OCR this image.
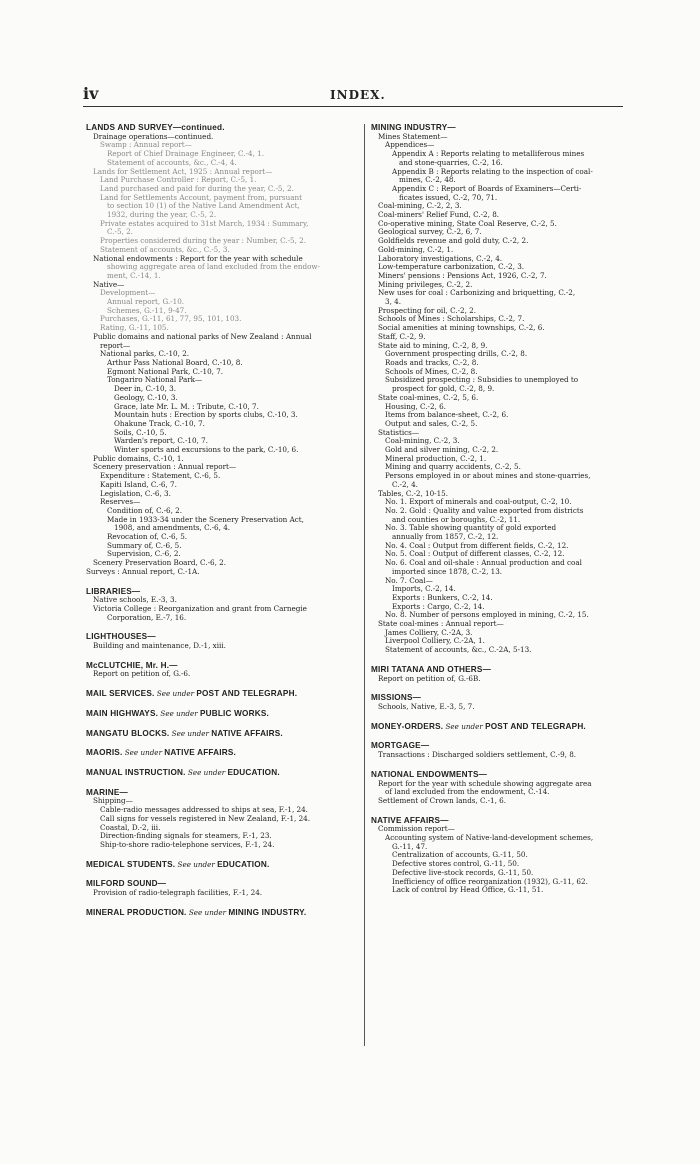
iv	INDEX.
LANDS AND SURVEY—continued.
Drainage operations—continued.
Swamp : Annual report—
Report of Chief Drainage Engineer, C.-4, 1.
Statement of accounts, &c., C.-4, 4.
Lands for Settlement Act, 1925 : Annual report—
Land Purchase Controller : Report, C.-5, 1.
Land purchased and paid for during the year, C.-5, 2.
Land for Settlements Account, payment from, pursuant
to section 10 (1) of the Native Land Amendment Act,
1932, during the year, C.-5, 2.
Private estates acquired to 31st March, 1934 : Summary,
C.-5, 2.
Properties considered during the year : Number, C.-5, 2.
Statement of accounts, &c., C.-5, 3.
National endowments : Report for the year with schedule
showing aggregate area of land excluded from the endow-
ment, C.-14, 1.
Native—
Development—
Annual report, G.-10.
Schemes, G.-11, 9-47.
Purchases, G.-11, 61, 77, 95, 101, 103.
Rating, G.-11, 105.
Public domains and national parks of New Zealand : Annual
report—
National parks, C.-10, 2.
Arthur Pass National Board, C.-10, 8.
Egmont National Park, C.-10, 7.
Tongariro National Park—
Deer in, C.-10, 3.
Geology, C.-10, 3.
Grace, late Mr. L. M. : Tribute, C.-10, 7.
Mountain huts : Erection by sports clubs, C.-10, 3.
Ohakune Track, C.-10, 7.
Soils, C.-10, 5.
Warden's report, C.-10, 7.
Winter sports and excursions to the park, C.-10, 6.
Public domains, C.-10, 1.
Scenery preservation : Annual report—
Expenditure : Statement, C.-6, 5.
Kapiti Island, C.-6, 7.
Legislation, C.-6, 3.
Reserves—
Condition of, C.-6, 2.
Made in 1933-34 under the Scenery Preservation Act,
1908, and amendments, C.-6, 4.
Revocation of, C.-6, 5.
Summary of, C.-6, 5.
Supervision, C.-6, 2.
Scenery Preservation Board, C.-6, 2.
Surveys : Annual report, C.-1A.
LIBRARIES—
Native schools, E.-3, 3.
Victoria College : Reorganization and grant from Carnegie
Corporation, E.-7, 16.
LIGHTHOUSES—
Building and maintenance, D.-1, xiii.
McCLUTCHIE, Mr. H.—
Report on petition of, G.-6.
MAIL SERVICES. See under POST AND TELEGRAPH.
MAIN HIGHWAYS. See under PUBLIC WORKS.
MANGATU BLOCKS. See under NATIVE AFFAIRS.
MAORIS. See under NATIVE AFFAIRS.
MANUAL INSTRUCTION. See under EDUCATION.
MARINE—
Shipping—
Cable-radio messages addressed to ships at sea, F.-1, 24.
Call signs for vessels registered in New Zealand, F.-1, 24.
Coastal, D.-2, iii.
Direction-finding signals for steamers, F.-1, 23.
Ship-to-shore radio-telephone services, F.-1, 24.
MEDICAL STUDENTS. See under EDUCATION.
MILFORD SOUND—
Provision of radio-telegraph facilities, F.-1, 24.
MINERAL PRODUCTION. See under MINING INDUSTRY.
MINING INDUSTRY—
Mines Statement—
Appendices—
Appendix A : Reports relating to metalliferous mines
and stone-quarries, C.-2, 16.
Appendix B : Reports relating to the inspection of coal-
mines, C.-2, 48.
Appendix C : Report of Boards of Examiners—Certi-
ficates issued, C.-2, 70, 71.
Coal-mining, C.-2, 2, 3.
Coal-miners' Relief Fund, C.-2, 8.
Co-operative mining, State Coal Reserve, C.-2, 5.
Geological survey, C.-2, 6, 7.
Goldfields revenue and gold duty, C.-2, 2.
Gold-mining, C.-2, 1.
Laboratory investigations, C.-2, 4.
Low-temperature carbonization, C.-2, 3.
Miners' pensions : Pensions Act, 1926, C.-2, 7.
Mining privileges, C.-2, 2.
New uses for coal : Carbonizing and briquetting, C.-2,
3, 4.
Prospecting for oil, C.-2, 2.
Schools of Mines : Scholarships, C.-2, 7.
Social amenities at mining townships, C.-2, 6.
Staff, C.-2, 9.
State aid to mining, C.-2, 8, 9.
Government prospecting drills, C.-2, 8.
Roads and tracks, C.-2, 8.
Schools of Mines, C.-2, 8.
Subsidized prospecting : Subsidies to unemployed to
prospect for gold, C.-2, 8, 9.
State coal-mines, C.-2, 5, 6.
Housing, C.-2, 6.
Items from balance-sheet, C.-2, 6.
Output and sales, C.-2, 5.
Statistics—
Coal-mining, C.-2, 3.
Gold and silver mining, C.-2, 2.
Mineral production, C.-2, 1.
Mining and quarry accidents, C.-2, 5.
Persons employed in or about mines and stone-quarries,
C.-2, 4.
Tables, C.-2, 10-15.
No. 1. Export of minerals and coal-output, C.-2, 10.
No. 2. Gold : Quality and value exported from districts
and counties or boroughs, C.-2, 11.
No. 3. Table showing quantity of gold exported
annually from 1857, C.-2, 12.
No. 4. Coal : Output from different fields, C.-2, 12.
No. 5. Coal : Output of different classes, C.-2, 12.
No. 6. Coal and oil-shale : Annual production and coal
imported since 1878, C.-2, 13.
No. 7. Coal—
Imports, C.-2, 14.
Exports : Bunkers, C.-2, 14.
Exports : Cargo, C.-2, 14.
No. 8. Number of persons employed in mining, C.-2, 15.
State coal-mines : Annual report—
James Colliery, C.-2A, 3.
Liverpool Colliery, C.-2A, 1.
Statement of accounts, &c., C.-2A, 5-13.
MIRI TATANA AND OTHERS—
Report on petition of, G.-6B.
MISSIONS—
Schools, Native, E.-3, 5, 7.
MONEY-ORDERS. See under POST AND TELEGRAPH.
MORTGAGE—
Transactions : Discharged soldiers settlement, C.-9, 8.
NATIONAL ENDOWMENTS—
Report for the year with schedule showing aggregate area
of land excluded from the endowment, C.-14.
Settlement of Crown lands, C.-1, 6.
NATIVE AFFAIRS—
Commission report—
Accounting system of Native-land-development schemes,
G.-11, 47.
Centralization of accounts, G.-11, 50.
Defective stores control, G.-11, 50.
Defective live-stock records, G.-11, 50.
Inefficiency of office reorganization (1932), G.-11, 62.
Lack of control by Head Office, G.-11, 51.
